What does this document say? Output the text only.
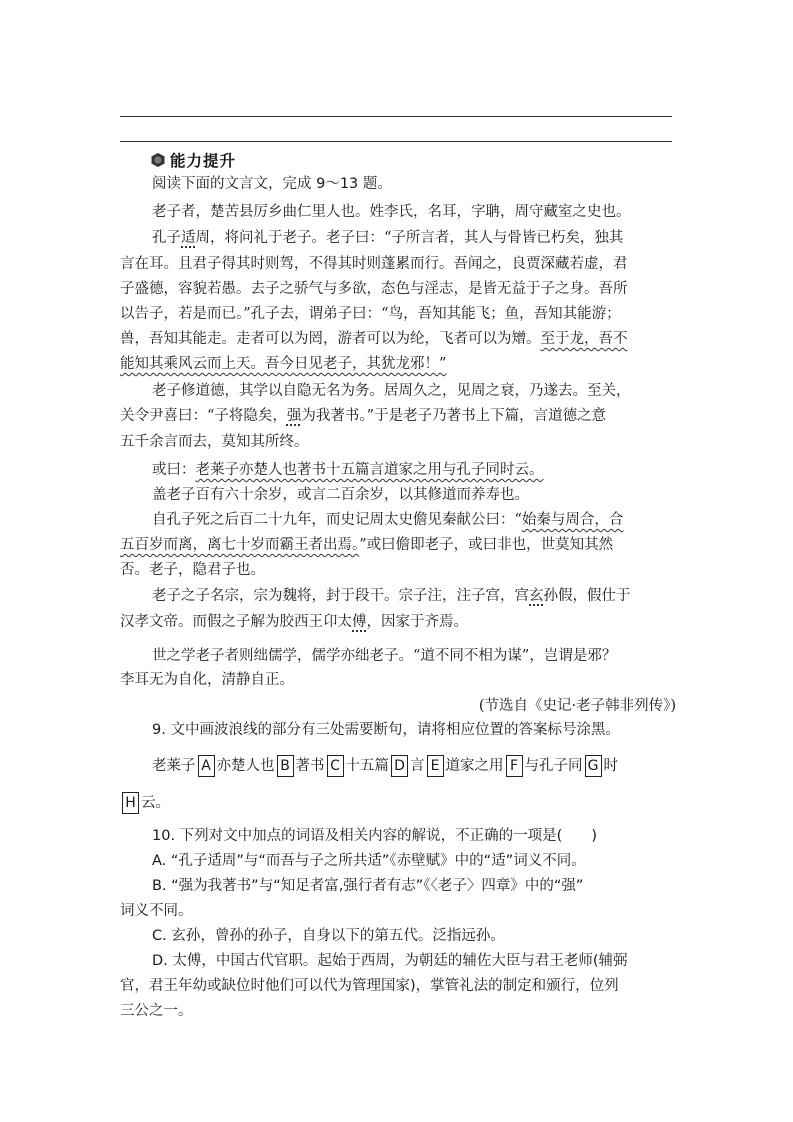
能力提升
阅读下面的文言文，完成 9～13 题。
老子者，楚苦县厉乡曲仁里人也。姓李氏，名耳，字聃，周守藏室之史也。
孔子适周，将问礼于老子。老子曰：“子所言者，其人与骨皆已朽矣，独其
言在耳。且君子得其时则驾，不得其时则蓬累而行。吾闻之，良贾深藏若虚，君
子盛德，容貌若愚。去子之骄气与多欲，态色与淫志，是皆无益于子之身。吾所
以告子，若是而已。”孔子去，谓弟子曰：“鸟，吾知其能飞；鱼，吾知其能游；
兽，吾知其能走。走者可以为罔，游者可以为纶，飞者可以为矰。至于龙，吾不
能知其乘风云而上天。吾今日见老子，其犹龙邪！”
老子修道德，其学以自隐无名为务。居周久之，见周之衰，乃遂去。至关，
关令尹喜曰：“子将隐矣，强为我著书。”于是老子乃著书上下篇，言道德之意
五千余言而去，莫知其所终。
或曰：老莱子亦楚人也著书十五篇言道家之用与孔子同时云。
盖老子百有六十余岁，或言二百余岁，以其修道而养寿也。
自孔子死之后百二十九年，而史记周太史儋见秦献公曰：“始秦与周合，合
五百岁而离，离七十岁而霸王者出焉。”或曰儋即老子，或曰非也，世莫知其然
否。老子，隐君子也。
老子之子名宗，宗为魏将，封于段干。宗子注，注子宫，宫玄孙假，假仕于
汉孝文帝。而假之子解为胶西王卬太傅，因家于齐焉。
世之学老子者则绌儒学，儒学亦绌老子。“道不同不相为谋”，岂谓是邪？
李耳无为自化，清静自正。
(节选自《史记·老子韩非列传》)
9. 文中画波浪线的部分有三处需要断句，请将相应位置的答案标号涂黑。
老莱子 A 亦楚人也 B 著书 C 十五篇 D 言 E 道家之用 F 与孔子同 G 时
H 云。
10. 下列对文中加点的词语及相关内容的解说，不正确的一项是(　　)
A. “孔子适周”与“而吾与子之所共适”《赤壁赋》中的“适”词义不同。
B. “强为我著书”与“知足者富,强行者有志”《〈老子〉四章》中的“强”
词义不同。
C. 玄孙，曾孙的孙子，自身以下的第五代。泛指远孙。
D. 太傅，中国古代官职。起始于西周，为朝廷的辅佐大臣与君王老师(辅弼
官，君王年幼或缺位时他们可以代为管理国家)，掌管礼法的制定和颁行，位列
三公之一。
